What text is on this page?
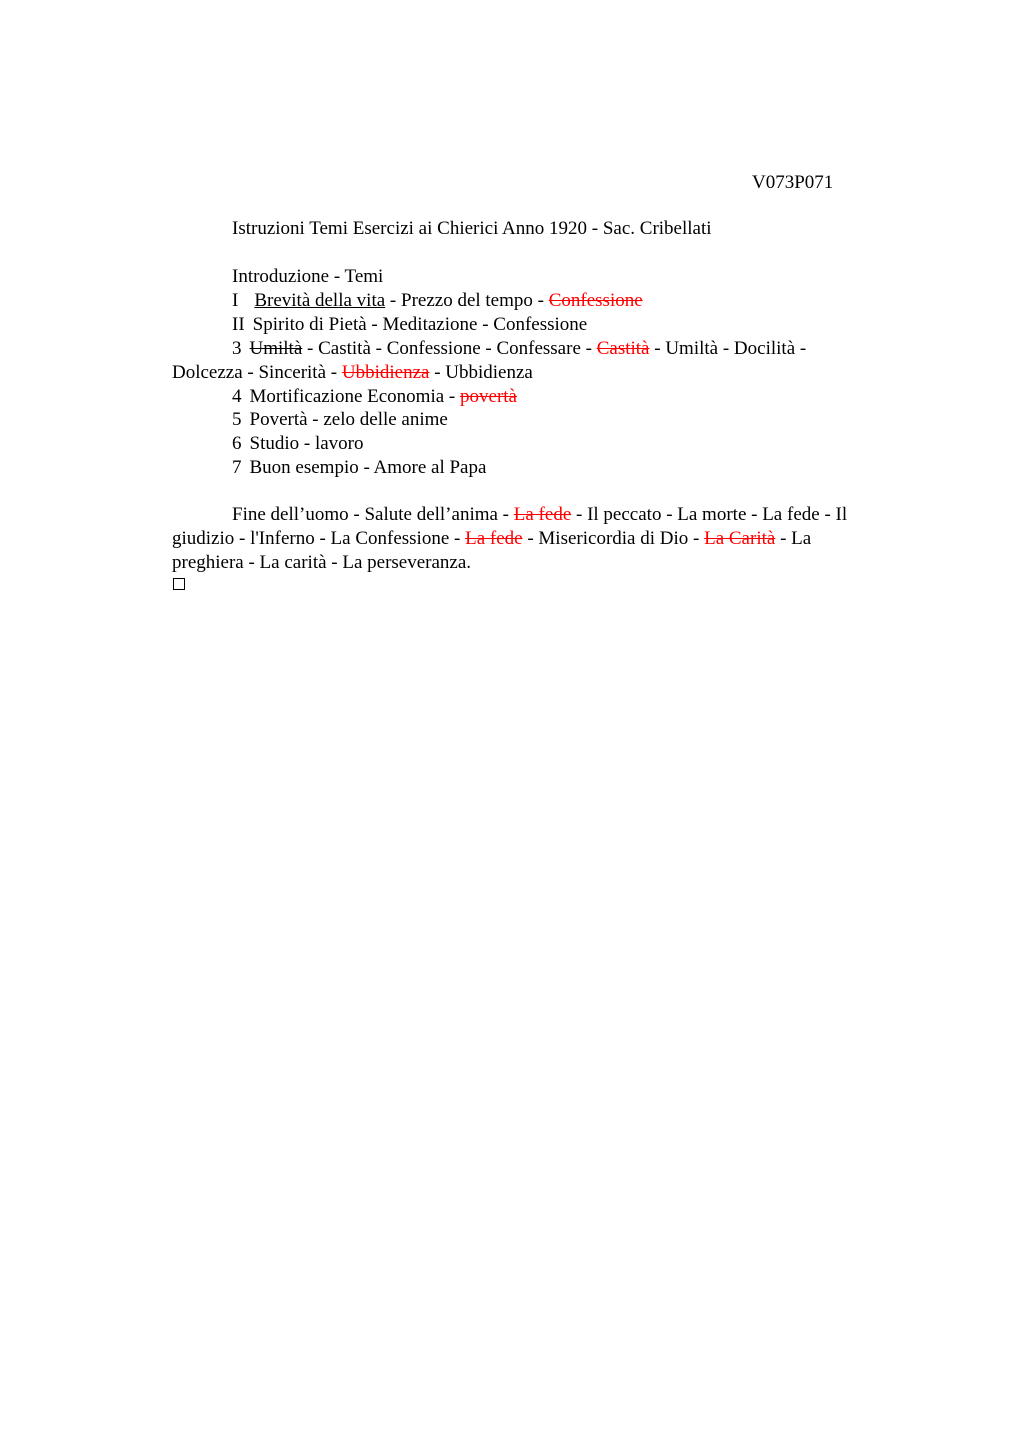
V073P071
Istruzioni Temi Esercizi ai Chierici Anno 1920 - Sac. Cribellati
Introduzione - Temi
I Brevità della vita - Prezzo del tempo - Confessione
II Spirito di Pietà - Meditazione - Confessione
3 Umiltà - Castità - Confessione - Confessare - Castità - Umiltà - Docilità -
Dolcezza - Sincerità - Ubbidienza - Ubbidienza
4 Mortificazione Economia - povertà
5 Povertà - zelo delle anime
6 Studio - lavoro
7 Buon esempio - Amore al Papa
Fine dell’uomo - Salute dell’anima - La fede - Il peccato - La morte - La fede - Il
giudizio - l'Inferno - La Confessione - La fede - Misericordia di Dio - La Carità - La
preghiera - La carità - La perseveranza.
